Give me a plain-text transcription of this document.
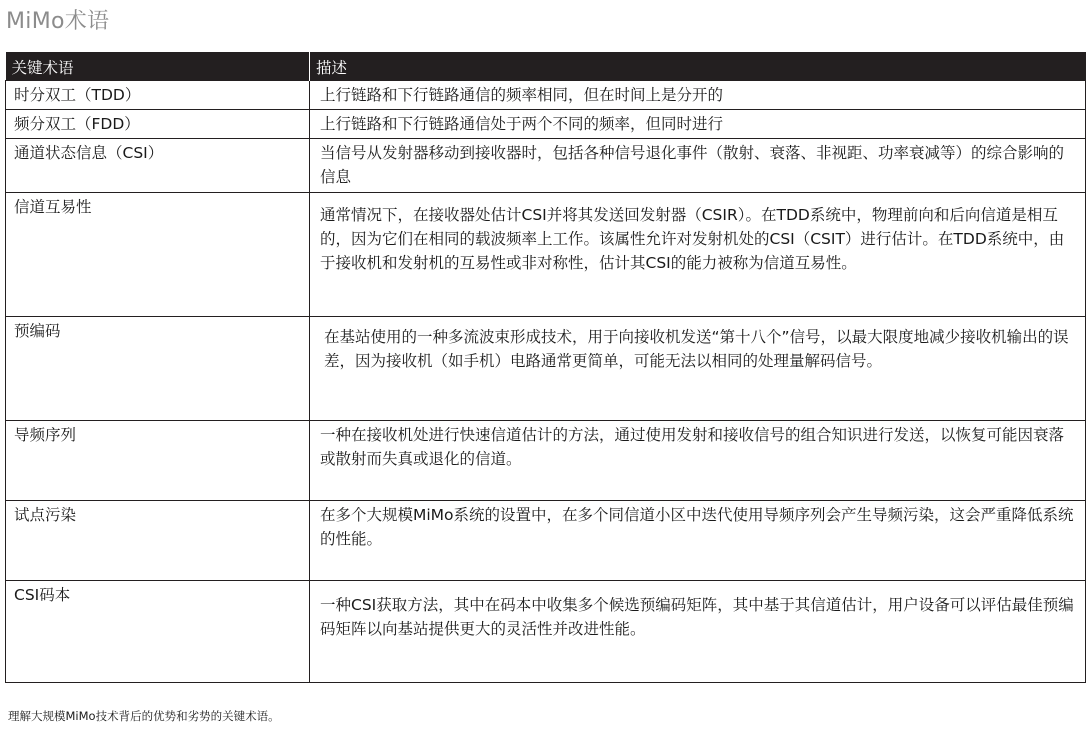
MiMo术语
关键术语	描述
时分双工（TDD）	上行链路和下行链路通信的频率相同，但在时间上是分开的
频分双工（FDD）	上行链路和下行链路通信处于两个不同的频率，但同时进行
通道状态信息（CSI）	当信号从发射器移动到接收器时，包括各种信号退化事件（散射、衰落、非视距、功率衰减等）的综合影响的信息
信道互易性	通常情况下，在接收器处估计CSI并将其发送回发射器（CSIR）。在TDD系统中，物理前向和后向信道是相互的，因为它们在相同的载波频率上工作。该属性允许对发射机处的CSI（CSIT）进行估计。在TDD系统中，由于接收机和发射机的互易性或非对称性，估计其CSI的能力被称为信道互易性。
预编码	在基站使用的一种多流波束形成技术，用于向接收机发送“第十八个”信号，以最大限度地减少接收机输出的误差，因为接收机（如手机）电路通常更简单，可能无法以相同的处理量解码信号。
导频序列	一种在接收机处进行快速信道估计的方法，通过使用发射和接收信号的组合知识进行发送，以恢复可能因衰落或散射而失真或退化的信道。
试点污染	在多个大规模MiMo系统的设置中，在多个同信道小区中迭代使用导频序列会产生导频污染，这会严重降低系统的性能。
CSI码本	一种CSI获取方法，其中在码本中收集多个候选预编码矩阵，其中基于其信道估计，用户设备可以评估最佳预编码矩阵以向基站提供更大的灵活性并改进性能。
理解大规模MiMo技术背后的优势和劣势的关键术语。
